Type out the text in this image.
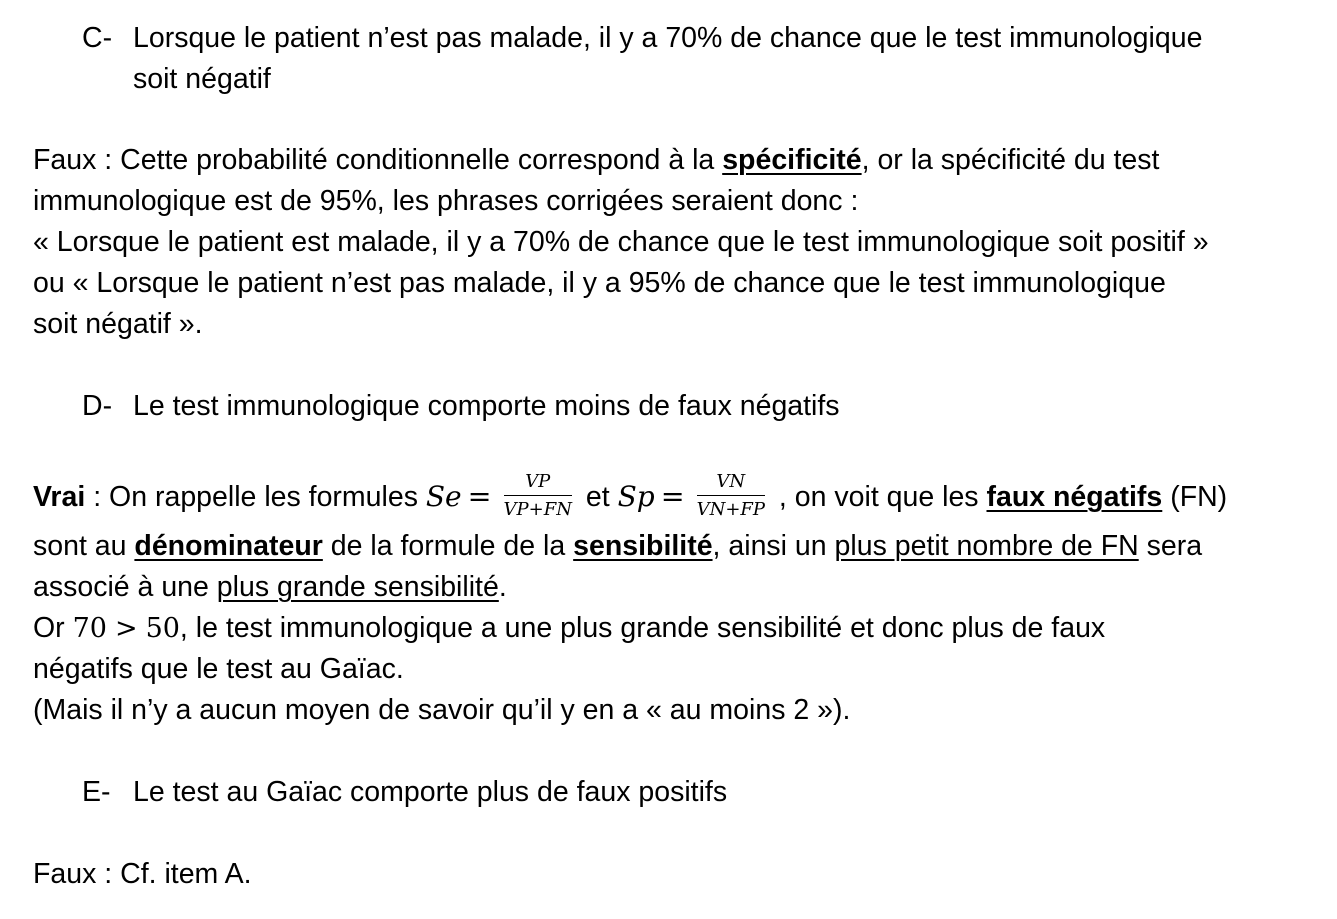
C- Lorsque le patient n’est pas malade, il y a 70% de chance que le test immunologique
soit négatif

Faux : Cette probabilité conditionnelle correspond à la spécificité, or la spécificité du test

immunologique est de 95%, les phrases corrigées seraient donc :

« Lorsque le patient est malade, il y a 70% de chance que le test immunologique soit positif »

ou « Lorsque le patient n’est pas malade, il y a 95% de chance que le test immunologique

soit négatif ».

D- Le test immunologique comporte moins de faux négatifs

Vrai : On rappelle les formules $Se = \frac{VP}{VP+FN}$ et $Sp = \frac{VN}{VN+FP}$ , on voit que les faux négatifs (FN)

sont au dénominateur de la formule de la sensibilité, ainsi un plus petit nombre de FN sera

associé à une plus grande sensibilité.

Or 70 > 50, le test immunologique a une plus grande sensibilité et donc plus de faux

négatifs que le test au Gaïac.

(Mais il n’y a aucun moyen de savoir qu’il y en a « au moins 2 »).

E- Le test au Gaïac comporte plus de faux positifs

Faux : Cf. item A.
